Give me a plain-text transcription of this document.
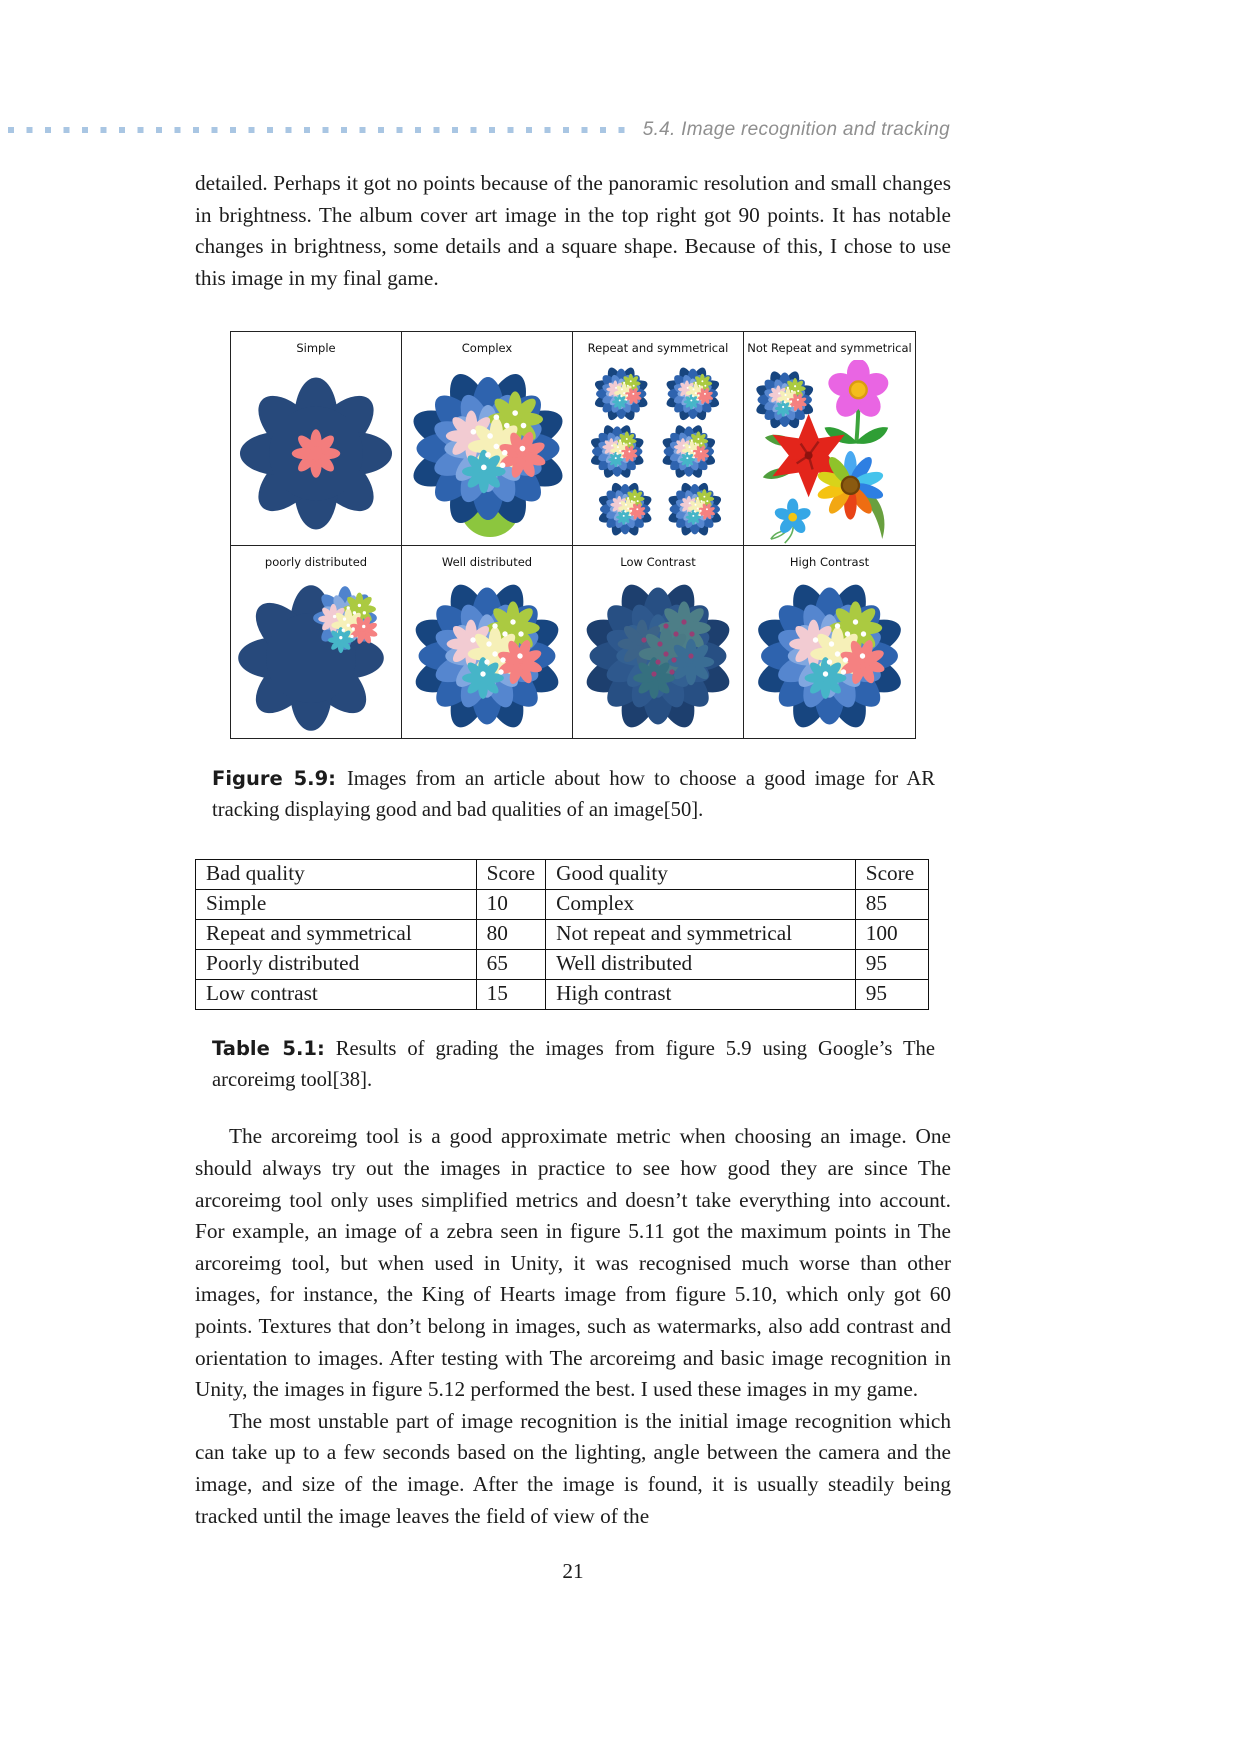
5.4. Image recognition and tracking

detailed. Perhaps it got no points because of the panoramic resolution and small changes in brightness. The album cover art image in the top right got 90 points. It has notable changes in brightness, some details and a square shape. Because of this, I chose to use this image in my final game.

Simple	Complex	Repeat and symmetrical	Not Repeat and symmetrical
poorly distributed	Well distributed	Low Contrast	High Contrast

Figure 5.9: Images from an article about how to choose a good image for AR tracking displaying good and bad qualities of an image[50].

Bad quality	Score	Good quality	Score
Simple	10	Complex	85
Repeat and symmetrical	80	Not repeat and symmetrical	100
Poorly distributed	65	Well distributed	95
Low contrast	15	High contrast	95

Table 5.1: Results of grading the images from figure 5.9 using Google’s The arcoreimg tool[38].

The arcoreimg tool is a good approximate metric when choosing an image. One should always try out the images in practice to see how good they are since The arcoreimg tool only uses simplified metrics and doesn’t take everything into account. For example, an image of a zebra seen in figure 5.11 got the maximum points in The arcoreimg tool, but when used in Unity, it was recognised much worse than other images, for instance, the King of Hearts image from figure 5.10, which only got 60 points. Textures that don’t belong in images, such as watermarks, also add contrast and orientation to images. After testing with The arcoreimg and basic image recognition in Unity, the images in figure 5.12 performed the best. I used these images in my game.

The most unstable part of image recognition is the initial image recognition which can take up to a few seconds based on the lighting, angle between the camera and the image, and size of the image. After the image is found, it is usually steadily being tracked until the image leaves the field of view of the

21
